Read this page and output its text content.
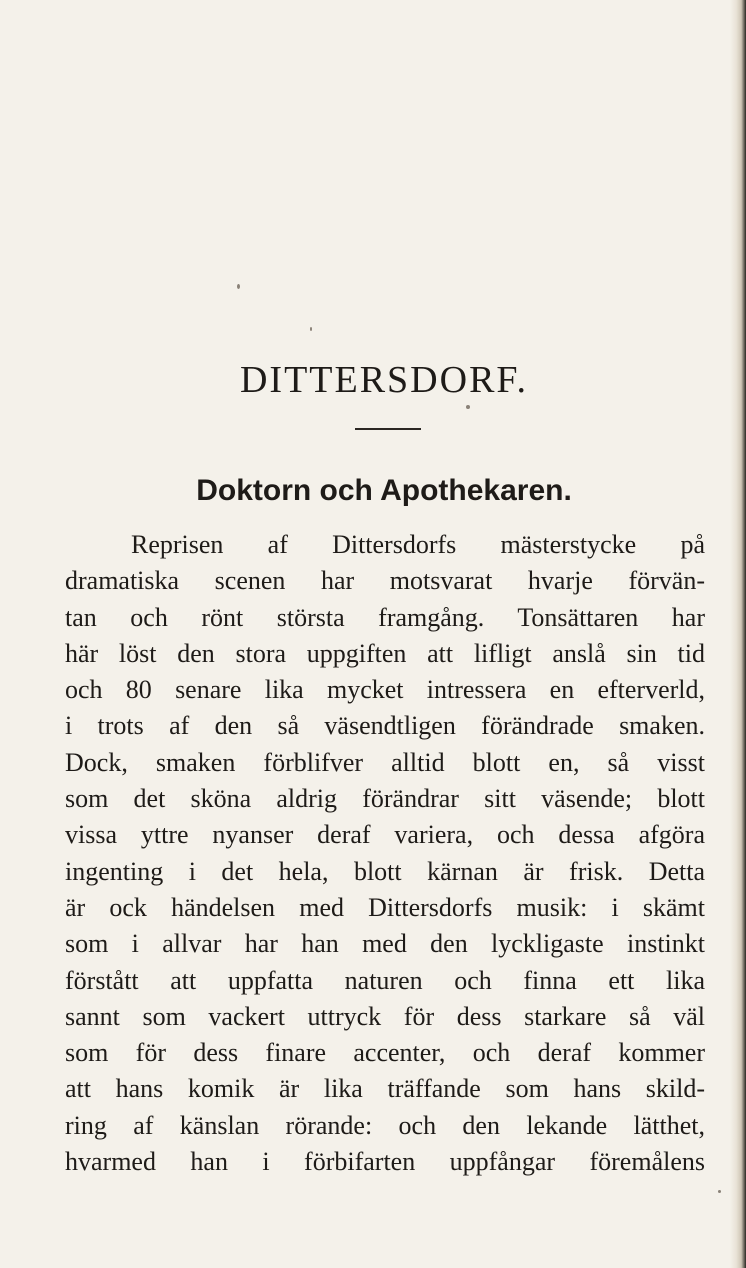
DITTERSDORF.
Doktorn och Apothekaren.
Reprisen af Dittersdorfs mästerstycke på
dramatiska scenen har motsvarat hvarje förvän-
tan och rönt största framgång. Tonsättaren har
här löst den stora uppgiften att lifligt anslå sin tid
och 80 senare lika mycket intressera en efterverld,
i trots af den så väsendtligen förändrade smaken.
Dock, smaken förblifver alltid blott en, så visst
som det sköna aldrig förändrar sitt väsende; blott
vissa yttre nyanser deraf variera, och dessa afgöra
ingenting i det hela, blott kärnan är frisk. Detta
är ock händelsen med Dittersdorfs musik: i skämt
som i allvar har han med den lyckligaste instinkt
förstått att uppfatta naturen och finna ett lika
sannt som vackert uttryck för dess starkare så väl
som för dess finare accenter, och deraf kommer
att hans komik är lika träffande som hans skild-
ring af känslan rörande: och den lekande lätthet,
hvarmed han i förbifarten uppfångar föremålens
